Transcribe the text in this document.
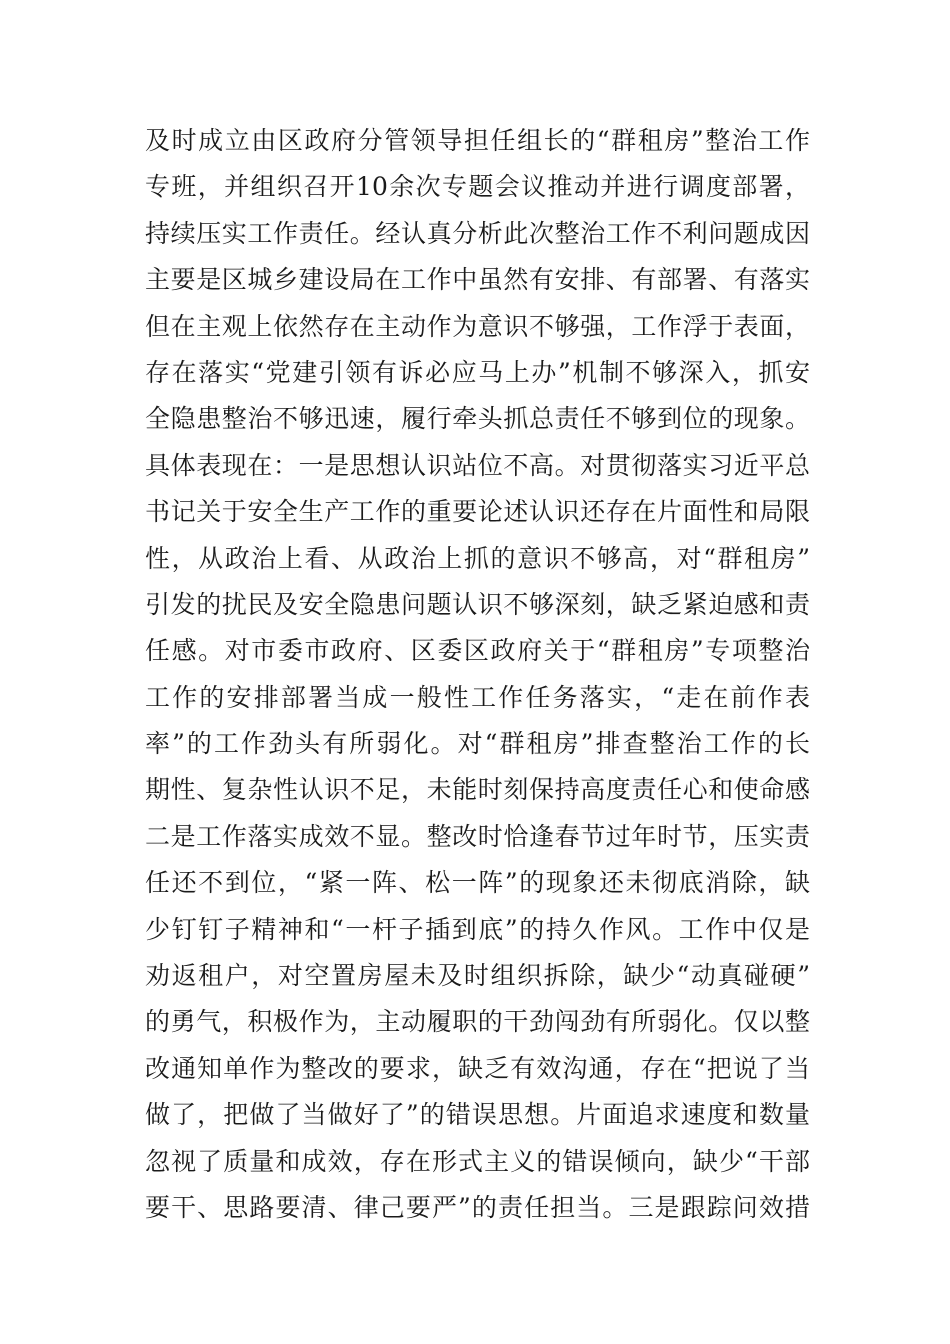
及时成立由区政府分管领导担任组长的“群租房”整治工作
专班，并组织召开10余次专题会议推动并进行调度部署，
持续压实工作责任。经认真分析此次整治工作不利问题成因
主要是区城乡建设局在工作中虽然有安排、有部署、有落实
但在主观上依然存在主动作为意识不够强，工作浮于表面，
存在落实“党建引领有诉必应马上办”机制不够深入，抓安
全隐患整治不够迅速，履行牵头抓总责任不够到位的现象。
具体表现在：一是思想认识站位不高。对贯彻落实习近平总
书记关于安全生产工作的重要论述认识还存在片面性和局限
性，从政治上看、从政治上抓的意识不够高，对“群租房”
引发的扰民及安全隐患问题认识不够深刻，缺乏紧迫感和责
任感。对市委市政府、区委区政府关于“群租房”专项整治
工作的安排部署当成一般性工作任务落实，“走在前作表
率”的工作劲头有所弱化。对“群租房”排查整治工作的长
期性、复杂性认识不足，未能时刻保持高度责任心和使命感
二是工作落实成效不显。整改时恰逢春节过年时节，压实责
任还不到位，“紧一阵、松一阵”的现象还未彻底消除，缺
少钉钉子精神和“一杆子插到底”的持久作风。工作中仅是
劝返租户，对空置房屋未及时组织拆除，缺少“动真碰硬”
的勇气，积极作为，主动履职的干劲闯劲有所弱化。仅以整
改通知单作为整改的要求，缺乏有效沟通，存在“把说了当
做了，把做了当做好了”的错误思想。片面追求速度和数量
忽视了质量和成效，存在形式主义的错误倾向，缺少“干部
要干、思路要清、律己要严”的责任担当。三是跟踪问效措
